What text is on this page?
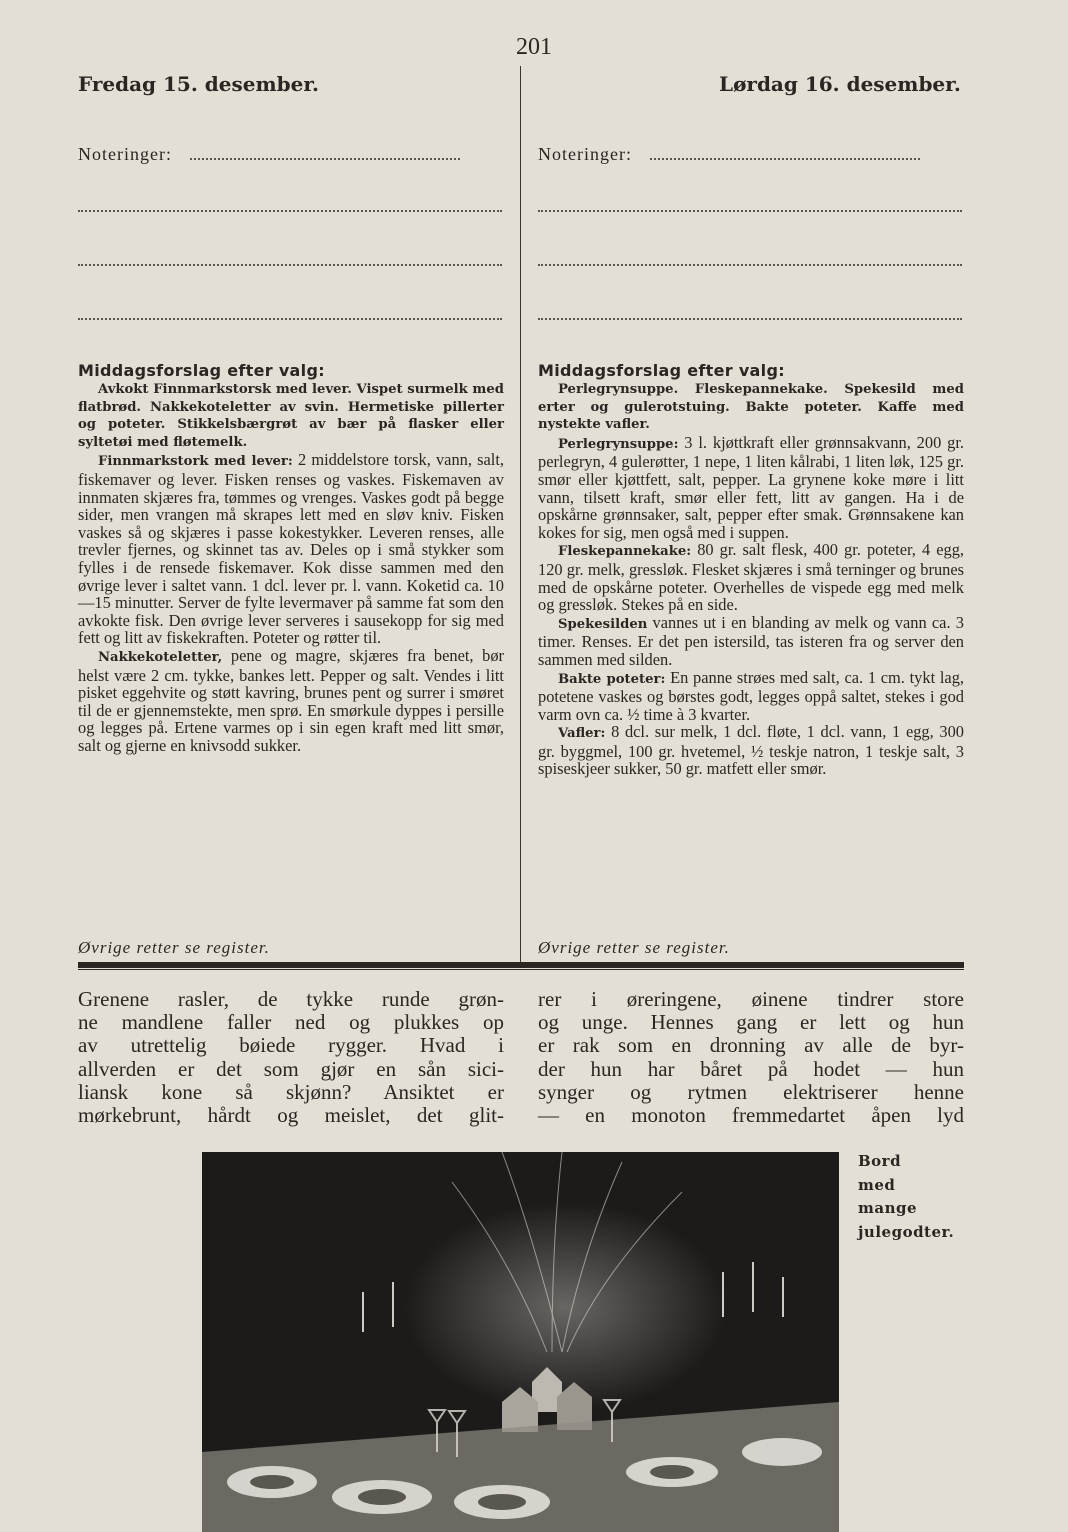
201
Fredag 15. desember.	Lørdag 16. desember.
Noteringer:	Noteringer:
Middagsforslag efter valg:	Middagsforslag efter valg:

Avkokt Finnmarkstorsk med lever. Vispet surmelk med flatbrød. Nakkekoteletter av svin. Hermetiske pillerter og poteter. Stikkelsbærgrøt av bær på flasker eller syltetøi med fløtemelk.

Finnmarkstork med lever: 2 middelstore torsk, vann, salt, fiskemaver og lever. Fisken renses og vaskes. Fiskemaven av innmaten skjæres fra, tømmes og vrenges. Vaskes godt på begge sider, men vrangen må skrapes lett med en sløv kniv. Fisken vaskes så og skjæres i passe kokestykker. Leveren renses, alle trevler fjernes, og skinnet tas av. Deles op i små stykker som fylles i de rensede fiskemaver. Kok disse sammen med den øvrige lever i saltet vann. 1 dcl. lever pr. l. vann. Koketid ca. 10—15 minutter. Server de fylte levermaver på samme fat som den avkokte fisk. Den øvrige lever serveres i sausekopp for sig med fett og litt av fiskekraften. Poteter og røtter til.

Nakkekoteletter, pene og magre, skjæres fra benet, bør helst være 2 cm. tykke, bankes lett. Pepper og salt. Vendes i litt pisket eggehvite og støtt kavring, brunes pent og surrer i smøret til de er gjennemstekte, men sprø. En smørkule dyppes i persille og legges på. Ertene varmes op i sin egen kraft med litt smør, salt og gjerne en knivsodd sukker.

Perlegrynsuppe. Fleskepannekake. Spekesild med erter og gulerotstuing. Bakte poteter. Kaffe med nystekte vafler.

Perlegrynsuppe: 3 l. kjøttkraft eller grønnsakvann, 200 gr. perlegryn, 4 gulerøtter, 1 nepe, 1 liten kålrabi, 1 liten løk, 125 gr. smør eller kjøttfett, salt, pepper. La grynene koke møre i litt vann, tilsett kraft, smør eller fett, litt av gangen. Ha i de opskårne grønnsaker, salt, pepper efter smak. Grønnsakene kan kokes for sig, men også med i suppen.

Fleskepannekake: 80 gr. salt flesk, 400 gr. poteter, 4 egg, 120 gr. melk, gressløk. Flesket skjæres i små terninger og brunes med de opskårne poteter. Overhelles de vispede egg med melk og gressløk. Stekes på en side.

Spekesilden vannes ut i en blanding av melk og vann ca. 3 timer. Renses. Er det pen istersild, tas isteren fra og server den sammen med silden.

Bakte poteter: En panne strøes med salt, ca. 1 cm. tykt lag, potetene vaskes og børstes godt, legges oppå saltet, stekes i god varm ovn ca. ½ time à 3 kvarter.

Vafler: 8 dcl. sur melk, 1 dcl. fløte, 1 dcl. vann, 1 egg, 300 gr. byggmel, 100 gr. hvetemel, ½ teskje natron, 1 teskje salt, 3 spiseskjeer sukker, 50 gr. matfett eller smør.

Øvrige retter se register.	Øvrige retter se register.
Grenene rasler, de tykke runde grøn-
ne mandlene faller ned og plukkes op
av utrettelig bøiede rygger. Hvad i
allverden er det som gjør en sån sici-
liansk kone så skjønn? Ansiktet er
mørkebrunt, hårdt og meislet, det glit-
rer i øreringene, øinene tindrer store
og unge. Hennes gang er lett og hun
er rak som en dronning av alle de byr-
der hun har båret på hodet — hun
synger og rytmen elektriserer henne
— en monoton fremmedartet åpen lyd
Bord
med
mange
julegodter.
